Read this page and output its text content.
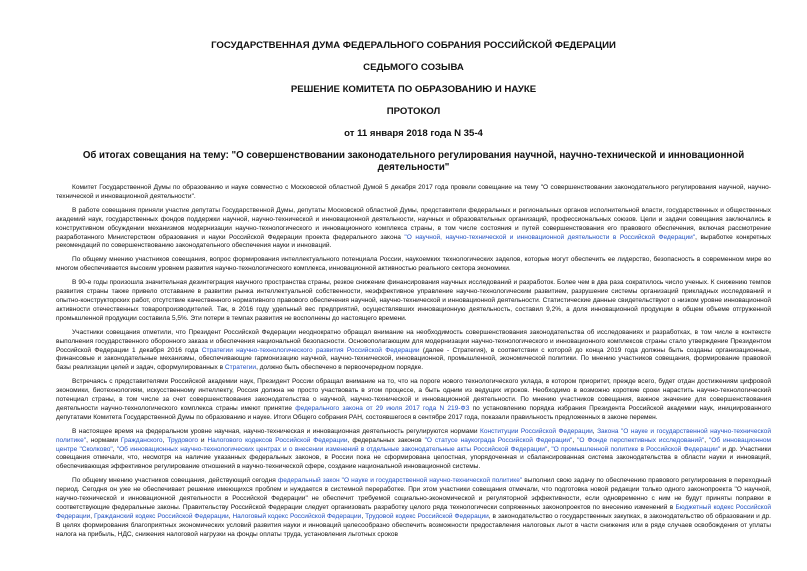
ГОСУДАРСТВЕННАЯ ДУМА ФЕДЕРАЛЬНОГО СОБРАНИЯ РОССИЙСКОЙ ФЕДЕРАЦИИ
СЕДЬМОГО СОЗЫВА
РЕШЕНИЕ КОМИТЕТА ПО ОБРАЗОВАНИЮ И НАУКЕ
ПРОТОКОЛ
от 11 января 2018 года N 35-4
Об итогах совещания на тему: "О совершенствовании законодательного регулирования научной, научно-технической и инновационной деятельности"

Комитет Государственной Думы по образованию и науке совместно с Московской областной Думой 5 декабря 2017 года провели совещание на тему "О совершенствовании законодательного регулирования научной, научно-технической и инновационной деятельности".

В работе совещания приняли участие депутаты Государственной Думы, депутаты Московской областной Думы, представители федеральных и региональных органов исполнительной власти, государственных и общественных академий наук, государственных фондов поддержки научной, научно-технической и инновационной деятельности, научных и образовательных организаций, профессиональных союзов. Цели и задачи совещания заключались в конструктивном обсуждении механизмов модернизации научно-технологического и инновационного комплекса страны, в том числе состояния и путей совершенствования его правового обеспечения, включая рассмотрение разработанного Министерством образования и науки Российской Федерации проекта федерального закона "О научной, научно-технической и инновационной деятельности в Российской Федерации", выработке конкретных рекомендаций по совершенствованию законодательного обеспечения науки и инноваций.

По общему мнению участников совещания, вопрос формирования интеллектуального потенциала России, наукоемких технологических заделов, которые могут обеспечить ее лидерство, безопасность в современном мире во многом обеспечивается высоким уровнем развития научно-технологического комплекса, инновационной активностью реального сектора экономики.

В 90-е годы произошла значительная дезинтеграция научного пространства страны, резкое снижение финансирования научных исследований и разработок. Более чем в два раза сократилось число ученых. К снижению темпов развития страны также привело отставание в развитии рынка интеллектуальной собственности, неэффективное управление научно-технологическим развитием, разрушение системы организаций прикладных исследований и опытно-конструкторских работ, отсутствие качественного нормативного правового обеспечения научной, научно-технической и инновационной деятельности. Статистические данные свидетельствуют о низком уровне инновационной активности отечественных товаропроизводителей. Так, в 2016 году удельный вес предприятий, осуществлявших инновационную деятельность, составил 9,2%, а доля инновационной продукции в общем объеме отгруженной промышленной продукции составила 5,5%. Эти потери в темпах развития не восполнены до настоящего времени.

Участники совещания отметили, что Президент Российской Федерации неоднократно обращал внимание на необходимость совершенствования законодательства об исследованиях и разработках, в том числе в контексте выполнения государственного оборонного заказа и обеспечения национальной безопасности. Основополагающим для модернизации научно-технологического и инновационного комплексов страны стало утверждение Президентом Российской Федерации 1 декабря 2016 года Стратегии научно-технологического развития Российской Федерации (далее - Стратегия), в соответствии с которой до конца 2019 года должны быть созданы организационные, финансовые и законодательные механизмы, обеспечивающие гармонизацию научной, научно-технической, инновационной, промышленной, экономической политики. По мнению участников совещания, формирование правовой базы реализации целей и задач, сформулированных в Стратегии, должно быть обеспечено в первоочередном порядке.

Встречаясь с представителями Российской академии наук, Президент России обращал внимание на то, что на пороге нового технологического уклада, в котором приоритет, прежде всего, будет отдан достижениям цифровой экономики, биотехнологиям, искусственному интеллекту, Россия должна не просто участвовать в этом процессе, а быть одним из ведущих игроков. Необходимо в возможно короткие сроки нарастить научно-технологический потенциал страны, в том числе за счет совершенствования законодательства о научной, научно-технической и инновационной деятельности. По мнению участников совещания, важное значение для совершенствования деятельности научно-технологического комплекса страны имеют принятие федерального закона от 29 июля 2017 года N 219-ФЗ по установлению порядка избрания Президента Российской академии наук, инициированного депутатами Комитета Государственной Думы по образованию и науке. Итоги Общего собрания РАН, состоявшегося в сентябре 2017 года, показали правильность предложенных в законе перемен.

В настоящее время на федеральном уровне научная, научно-техническая и инновационная деятельность регулируются нормами Конституции Российской Федерации, Закона "О науке и государственной научно-технической политике", нормами Гражданского, Трудового и Налогового кодексов Российской Федерации, федеральных законов "О статусе наукограда Российской Федерации", "О Фонде перспективных исследований", "Об инновационном центре "Сколково", "Об инновационных научно-технологических центрах и о внесении изменений в отдельные законодательные акты Российской Федерации", "О промышленной политике в Российской Федерации" и др. Участники совещания отмечали, что, несмотря на наличие указанных федеральных законов, в России пока не сформирована целостная, упорядоченная и сбалансированная система законодательства в области науки и инноваций, обеспечивающая эффективное регулирование отношений в научно-технической сфере, создание национальной инновационной системы.

По общему мнению участников совещания, действующий сегодня федеральный закон "О науке и государственной научно-технической политике" выполнил свою задачу по обеспечению правового регулирования в переходный период. Сегодня он уже не обеспечивает решение имеющихся проблем и нуждается в системной переработке. При этом участники совещания отмечали, что подготовка новой редакции только одного законопроекта "О научной, научно-технической и инновационной деятельности в Российской Федерации" не обеспечит требуемой социально-экономической и регуляторной эффективности, если одновременно с ним не будут приняты поправки в соответствующие федеральные законы. Правительству Российской Федерации следует организовать разработку целого ряда технологически сопряженных законопроектов по внесению изменений в Бюджетный кодекс Российской Федерации, Гражданский кодекс Российской Федерации, Налоговый кодекс Российской Федерации, Трудовой кодекс Российской Федерации, в законодательство о государственных закупках, в законодательство об образовании и др. В целях формирования благоприятных экономических условий развития науки и инноваций целесообразно обеспечить возможности предоставления налоговых льгот в части снижения или в ряде случаев освобождения от уплаты налога на прибыль, НДС, снижения налоговой нагрузки на фонды оплаты труда, установления льготных сроков
